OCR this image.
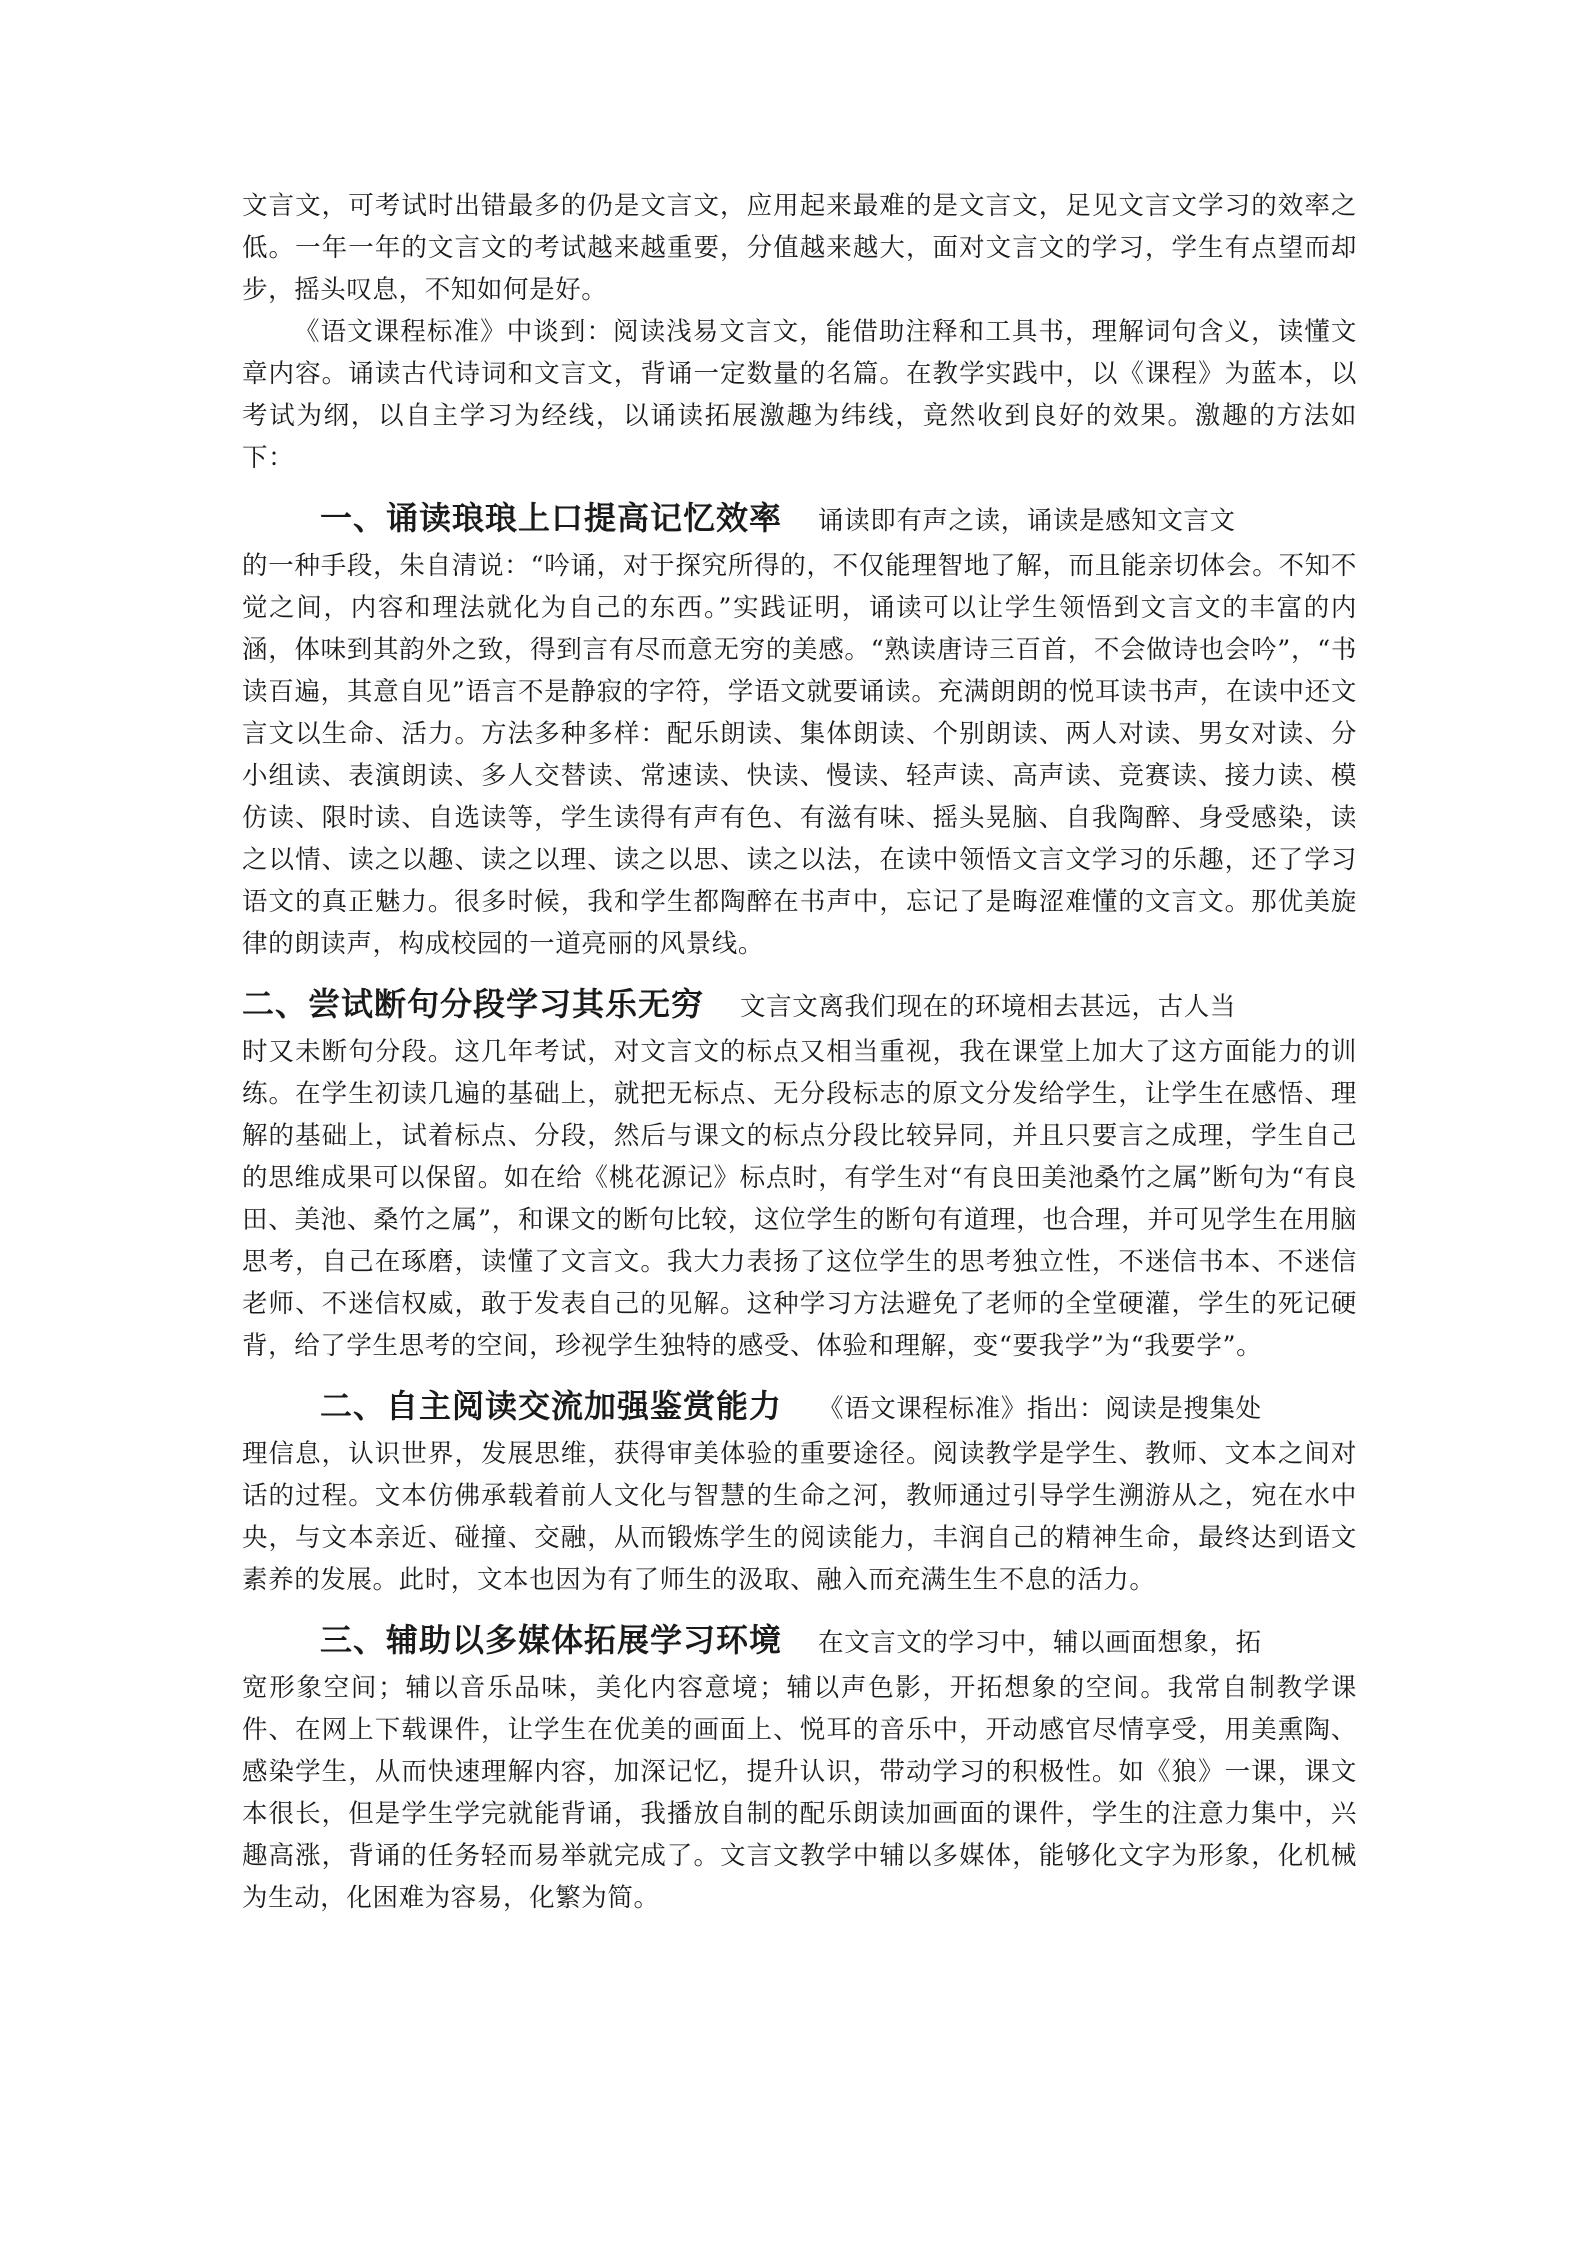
文言文，可考试时出错最多的仍是文言文，应用起来最难的是文言文，足见文言文学习的效率之低。一年一年的文言文的考试越来越重要，分值越来越大，面对文言文的学习，学生有点望而却步，摇头叹息，不知如何是好。

《语文课程标准》中谈到：阅读浅易文言文，能借助注释和工具书，理解词句含义，读懂文章内容。诵读古代诗词和文言文，背诵一定数量的名篇。在教学实践中，以《课程》为蓝本，以考试为纲，以自主学习为经线，以诵读拓展激趣为纬线，竟然收到良好的效果。激趣的方法如下：

一、诵读琅琅上口提高记忆效率 诵读即有声之读，诵读是感知文言文

的一种手段，朱自清说：“吟诵，对于探究所得的，不仅能理智地了解，而且能亲切体会。不知不觉之间，内容和理法就化为自己的东西。”实践证明，诵读可以让学生领悟到文言文的丰富的内涵，体味到其韵外之致，得到言有尽而意无穷的美感。“熟读唐诗三百首，不会做诗也会吟”，“书读百遍，其意自见”语言不是静寂的字符，学语文就要诵读。充满朗朗的悦耳读书声，在读中还文言文以生命、活力。方法多种多样：配乐朗读、集体朗读、个别朗读、两人对读、男女对读、分小组读、表演朗读、多人交替读、常速读、快读、慢读、轻声读、高声读、竞赛读、接力读、模仿读、限时读、自选读等，学生读得有声有色、有滋有味、摇头晃脑、自我陶醉、身受感染，读之以情、读之以趣、读之以理、读之以思、读之以法，在读中领悟文言文学习的乐趣，还了学习语文的真正魅力。很多时候，我和学生都陶醉在书声中，忘记了是晦涩难懂的文言文。那优美旋律的朗读声，构成校园的一道亮丽的风景线。

二、尝试断句分段学习其乐无穷 文言文离我们现在的环境相去甚远，古人当

时又未断句分段。这几年考试，对文言文的标点又相当重视，我在课堂上加大了这方面能力的训练。在学生初读几遍的基础上，就把无标点、无分段标志的原文分发给学生，让学生在感悟、理解的基础上，试着标点、分段，然后与课文的标点分段比较异同，并且只要言之成理，学生自己的思维成果可以保留。如在给《桃花源记》标点时，有学生对“有良田美池桑竹之属”断句为“有良田、美池、桑竹之属”，和课文的断句比较，这位学生的断句有道理，也合理，并可见学生在用脑思考，自己在琢磨，读懂了文言文。我大力表扬了这位学生的思考独立性，不迷信书本、不迷信老师、不迷信权威，敢于发表自己的见解。这种学习方法避免了老师的全堂硬灌，学生的死记硬背，给了学生思考的空间，珍视学生独特的感受、体验和理解，变“要我学”为“我要学”。

二、自主阅读交流加强鉴赏能力 《语文课程标准》指出：阅读是搜集处

理信息，认识世界，发展思维，获得审美体验的重要途径。阅读教学是学生、教师、文本之间对话的过程。文本仿佛承载着前人文化与智慧的生命之河，教师通过引导学生溯游从之，宛在水中央，与文本亲近、碰撞、交融，从而锻炼学生的阅读能力，丰润自己的精神生命，最终达到语文素养的发展。此时，文本也因为有了师生的汲取、融入而充满生生不息的活力。

三、辅助以多媒体拓展学习环境 在文言文的学习中，辅以画面想象，拓

宽形象空间；辅以音乐品味，美化内容意境；辅以声色影，开拓想象的空间。我常自制教学课件、在网上下载课件，让学生在优美的画面上、悦耳的音乐中，开动感官尽情享受，用美熏陶、感染学生，从而快速理解内容，加深记忆，提升认识，带动学习的积极性。如《狼》一课，课文本很长，但是学生学完就能背诵，我播放自制的配乐朗读加画面的课件，学生的注意力集中，兴趣高涨，背诵的任务轻而易举就完成了。文言文教学中辅以多媒体，能够化文字为形象，化机械为生动，化困难为容易，化繁为简。
